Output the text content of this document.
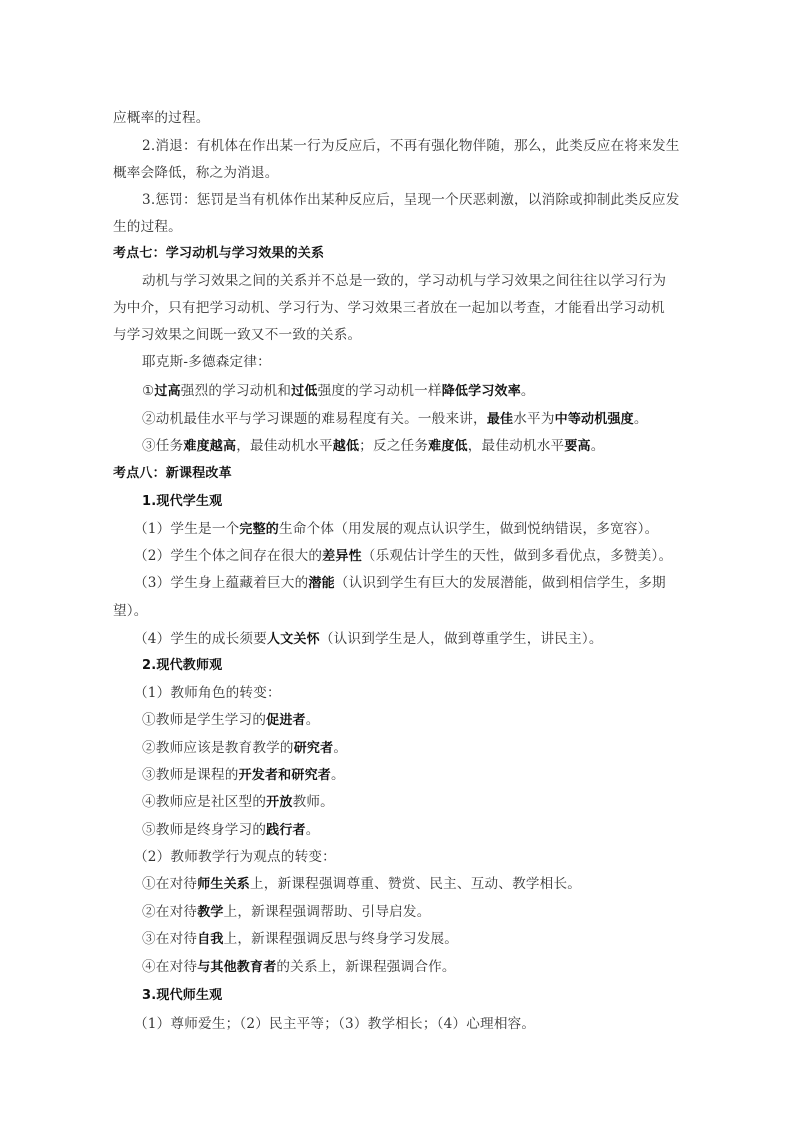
应概率的过程。
2.消退：有机体在作出某一行为反应后，不再有强化物伴随，那么，此类反应在将来发生
概率会降低，称之为消退。
3.惩罚：惩罚是当有机体作出某种反应后，呈现一个厌恶刺激，以消除或抑制此类反应发
生的过程。
考点七：学习动机与学习效果的关系
动机与学习效果之间的关系并不总是一致的，学习动机与学习效果之间往往以学习行为
为中介，只有把学习动机、学习行为、学习效果三者放在一起加以考查，才能看出学习动机
与学习效果之间既一致又不一致的关系。
耶克斯-多德森定律：
①过高强烈的学习动机和过低强度的学习动机一样降低学习效率。
②动机最佳水平与学习课题的难易程度有关。一般来讲，最佳水平为中等动机强度。
③任务难度越高，最佳动机水平越低；反之任务难度低，最佳动机水平要高。
考点八：新课程改革
1.现代学生观
（1）学生是一个完整的生命个体（用发展的观点认识学生，做到悦纳错误，多宽容）。
（2）学生个体之间存在很大的差异性（乐观估计学生的天性，做到多看优点，多赞美）。
（3）学生身上蕴藏着巨大的潜能（认识到学生有巨大的发展潜能，做到相信学生，多期
望）。
（4）学生的成长须要人文关怀（认识到学生是人，做到尊重学生，讲民主）。
2.现代教师观
（1）教师角色的转变：
①教师是学生学习的促进者。
②教师应该是教育教学的研究者。
③教师是课程的开发者和研究者。
④教师应是社区型的开放教师。
⑤教师是终身学习的践行者。
（2）教师教学行为观点的转变：
①在对待师生关系上，新课程强调尊重、赞赏、民主、互动、教学相长。
②在对待教学上，新课程强调帮助、引导启发。
③在对待自我上，新课程强调反思与终身学习发展。
④在对待与其他教育者的关系上，新课程强调合作。
3.现代师生观
（1）尊师爱生；（2）民主平等；（3）教学相长；（4）心理相容。
